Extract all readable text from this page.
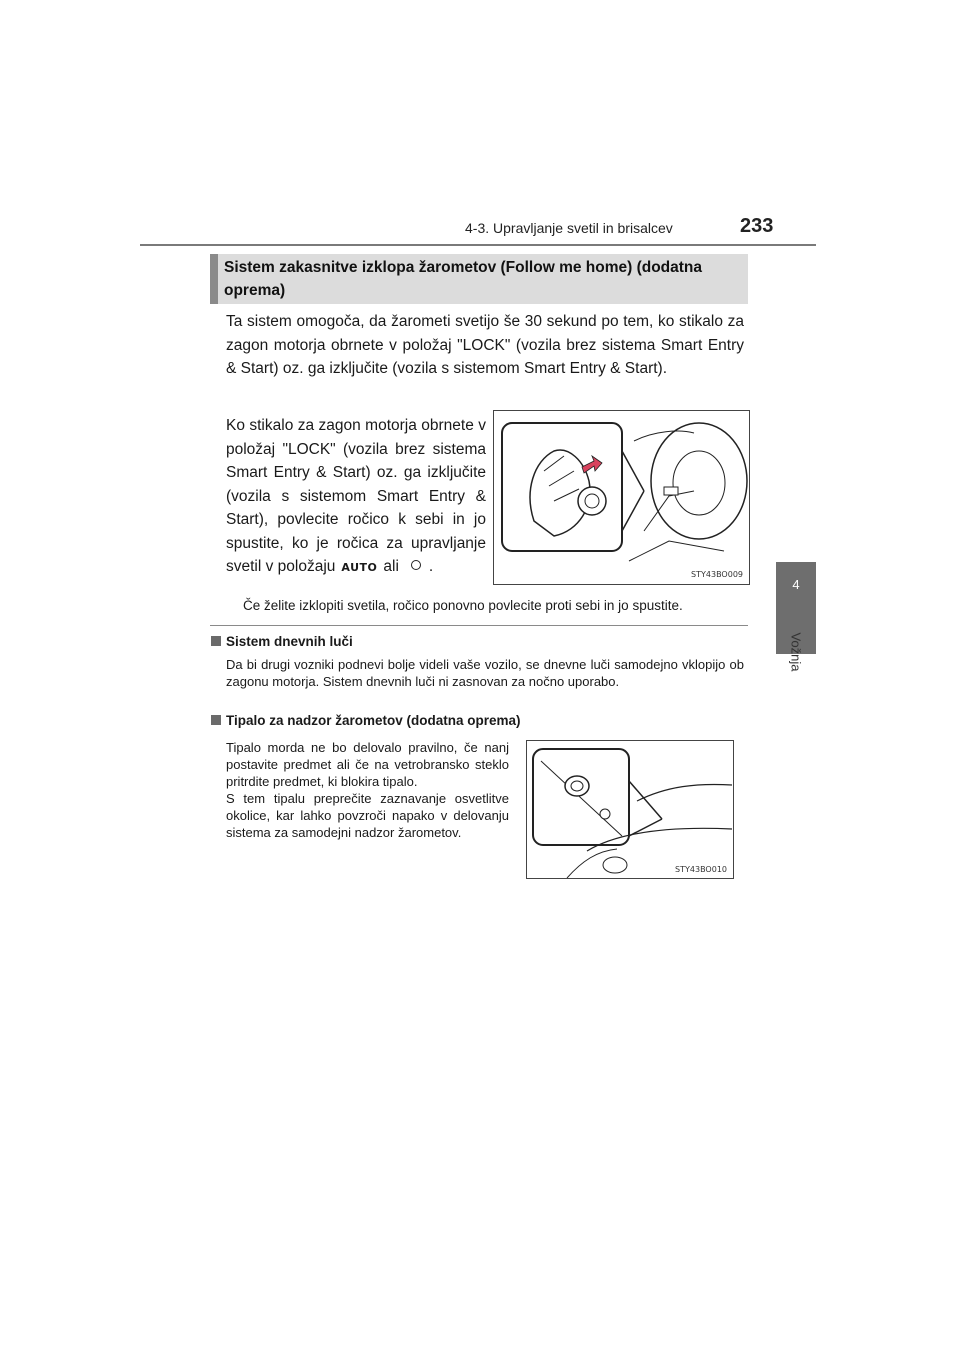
4-3. Upravljanje svetil in brisalcev	233
4
Vožnja
Sistem zakasnitve izklopa žarometov (Follow me home) (dodatna oprema)
Ta sistem omogoča, da žarometi svetijo še 30 sekund po tem, ko stikalo za zagon motorja obrnete v položaj "LOCK" (vozila brez sistema Smart Entry & Start) oz. ga izključite (vozila s sistemom Smart Entry & Start).
Ko stikalo za zagon motorja obrnete v položaj "LOCK" (vozila brez sistema Smart Entry & Start) oz. ga izključite (vozila s sistemom Smart Entry & Start), povlecite ročico k sebi in jo spustite, ko je ročica za upravljanje svetil v položaju AUTO ali .	STY43BO009
Če želite izklopiti svetila, ročico ponovno povlecite proti sebi in jo spustite.
Sistem dnevnih luči
Da bi drugi vozniki podnevi bolje videli vaše vozilo, se dnevne luči samodejno vklopijo ob zagonu motorja. Sistem dnevnih luči ni zasnovan za nočno uporabo.
Tipalo za nadzor žarometov (dodatna oprema)
Tipalo morda ne bo delovalo pravilno, če nanj postavite predmet ali če na vetrobransko steklo pritrdite predmet, ki blokira tipalo.
S tem tipalu preprečite zaznavanje osvetlitve okolice, kar lahko povzroči napako v delovanju sistema za samodejni nadzor žarometov.
STY43BO010
